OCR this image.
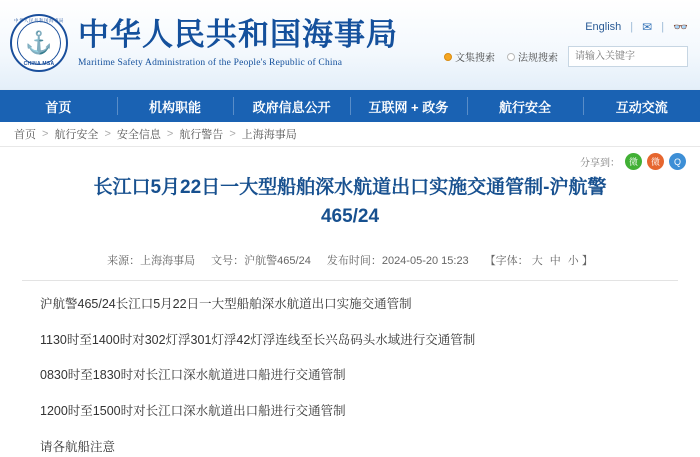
中华人民共和国海事局
⚓
CHINA MSA
中华人民共和国海事局
Maritime Safety Administration of the People's Republic of China
English | ✉ | 👓
文集搜索 法规搜索
请输入关键字
首页	机构职能	政府信息公开	互联网 + 政务	航行安全	互动交流
首页 > 航行安全 > 安全信息 > 航行警告 > 上海海事局
分享到： 微	微	Q
长江口5月22日一大型船舶深水航道出口实施交通管制-沪航警465/24
来源：上海海事局 文号：沪航警465/24 发布时间：2024-05-20 15:23 【字体： 大 中 小 】

沪航警465/24长江口5月22日一大型船舶深水航道出口实施交通管制

1130时至1400时对302灯浮301灯浮42灯浮连线至长兴岛码头水域进行交通管制

0830时至1830时对长江口深水航道进口船进行交通管制

1200时至1500时对长江口深水航道出口船进行交通管制

请各航船注意
